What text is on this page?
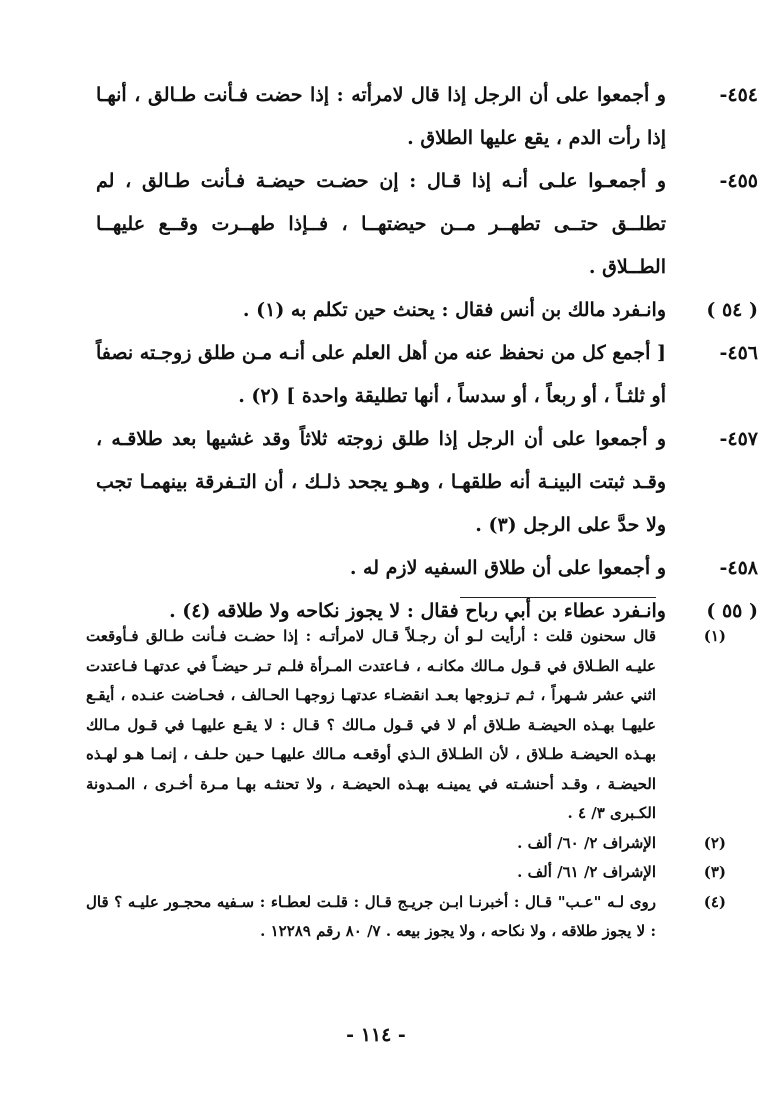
٤٥٤-
و أجمعوا على أن الرجل إذا قال لامرأته : إذا حضت فـأنت طـالق ، أنهـا إذا رأت الدم ، يقع عليها الطلاق .
٤٥٥-
و أجمعـوا علـى أنـه إذا قـال : إن حضـت حيضـة فـأنت طـالق ، لم تطلــق حتــى تطهــر مــن حيضتهــا ، فــإذا طهــرت وقــع عليهــا الطــلاق .
( ٥٤ )
وانـفرد مالك بن أنس فقال : يحنث حين تكلم به (١) .
٤٥٦-
[ أجمع كل من نحفظ عنه من أهل العلم على أنـه مـن طلق زوجـته نصفاً أو ثلثـاً ، أو ربعاً ، أو سدساً ، أنها تطليقة واحدة ] (٢) .
٤٥٧-
و أجمعوا على أن الرجل إذا طلق زوجته ثلاثاً وقد غشيها بعد طلاقـه ، وقـد ثبتت البينـة أنه طلقهـا ، وهـو يجحد ذلـك ، أن التـفرقة بينهمـا تجب ولا حدَّ على الرجل (٣) .
٤٥٨-
و أجمعوا على أن طلاق السفيه لازم له .
( ٥٥ )
وانـفرد عطاء بن أبي رباح فقال : لا يجوز نكاحه ولا طلاقه (٤) .
(١)
قال سحنون قلت : أرأيت لـو أن رجـلاً قـال لامرأتـه : إذا حضـت فـأنت طـالق فـأوقعت عليـه الطـلاق في قـول مـالك مكانـه ، فـاعتدت المـرأة فلـم تـر حيضـاً في عدتهـا فـاعتدت اثني عشر شـهراً ، ثـم تـزوجها بعـد انقضـاء عدتهـا زوجهـا الحـالف ، فحـاضت عنـده ، أيقـع عليهـا بهـذه الحيضـة طـلاق أم لا في قـول مـالك ؟ قـال : لا يقـع عليهـا في قـول مـالك بهـذه الحيضـة طـلاق ، لأن الطـلاق الـذي أوقعـه مـالك عليهـا حـين حلـف ، إنمـا هـو لهـذه الحيضـة ، وقـد أحنشـته في يمينـه بهـذه الحيضـة ، ولا تحنثـه بهـا مـرة أخـرى ، المـدونة الكـبرى ٣/ ٤ .
(٢)
الإشراف ٢/ ٦٠/ ألف .
(٣)
الإشراف ٢/ ٦١/ ألف .
(٤)
روى لـه "عـب" قـال : أخبرنـا ابـن جريـج قـال : قلـت لعطـاء : سـفيه محجـور عليـه ؟ قال : لا يجوز طلاقه ، ولا نكاحه ، ولا يجوز بيعه . ٧/ ٨٠ رقم ١٢٢٨٩ .
- ١١٤ -
